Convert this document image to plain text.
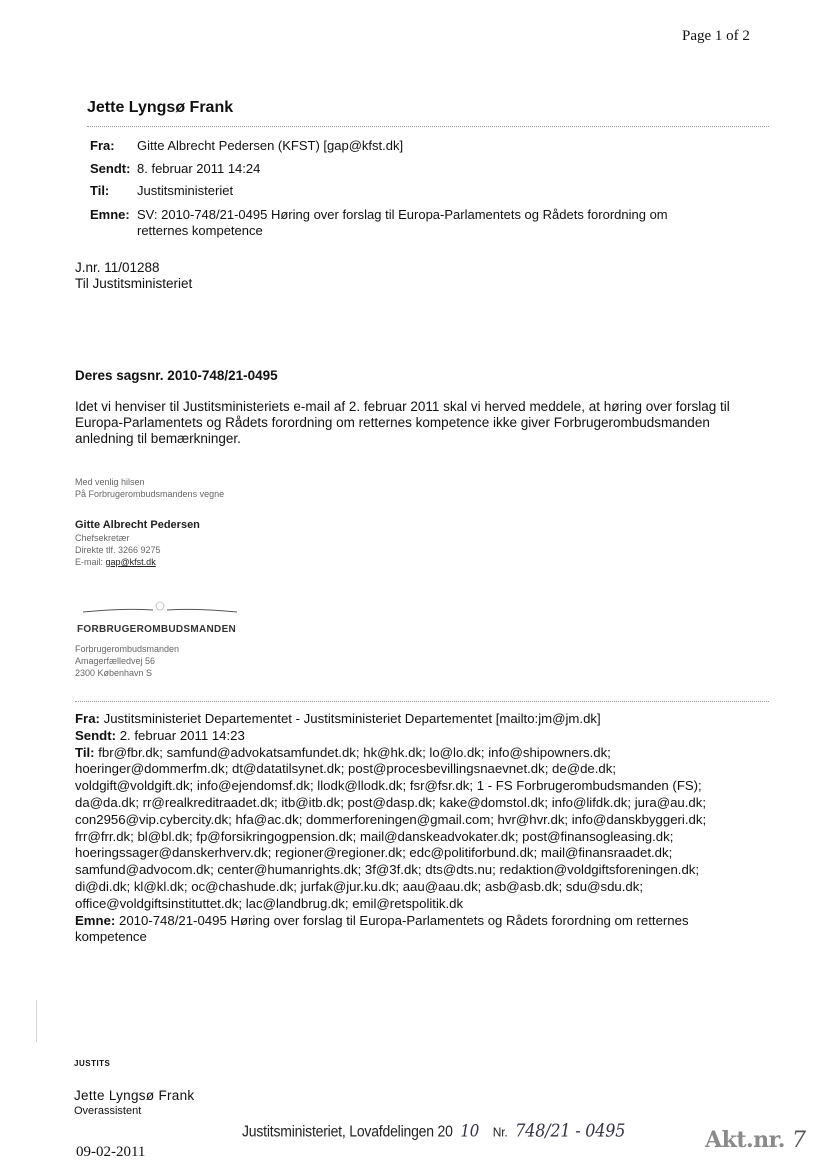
Page 1 of 2
Jette Lyngsø Frank
Fra:	Gitte Albrecht Pedersen (KFST) [gap@kfst.dk]
Sendt: 8. februar 2011 14:24
Til:	Justitsministeriet
Emne: SV: 2010-748/21-0495 Høring over forslag til Europa-Parlamentets og Rådets forordning om
retternes kompetence
J.nr. 11/01288
Til Justitsministeriet
Deres sagsnr. 2010-748/21-0495
Idet vi henviser til Justitsministeriets e-mail af 2. februar 2011 skal vi herved meddele, at høring over forslag til
Europa-Parlamentets og Rådets forordning om retternes kompetence ikke giver Forbrugerombudsmanden
anledning til bemærkninger.
Med venlig hilsen
På Forbrugerombudsmandens vegne
Gitte Albrecht Pedersen
Chefsekretær
Direkte tlf. 3266 9275
E-mail: gap@kfst.dk
FORBRUGEROMBUDSMANDEN
Forbrugerombudsmanden
Amagerfælledvej 56
2300 København S
Fra: Justitsministeriet Departementet - Justitsministeriet Departementet [mailto:jm@jm.dk]
Sendt: 2. februar 2011 14:23
Til: fbr@fbr.dk; samfund@advokatsamfundet.dk; hk@hk.dk; lo@lo.dk; info@shipowners.dk;
hoeringer@dommerfm.dk; dt@datatilsynet.dk; post@procesbevillingsnaevnet.dk; de@de.dk;
voldgift@voldgift.dk; info@ejendomsf.dk; llodk@llodk.dk; fsr@fsr.dk; 1 - FS Forbrugerombudsmanden (FS);
da@da.dk; rr@realkreditraadet.dk; itb@itb.dk; post@dasp.dk; kake@domstol.dk; info@lifdk.dk; jura@au.dk;
con2956@vip.cybercity.dk; hfa@ac.dk; dommerforeningen@gmail.com; hvr@hvr.dk; info@danskbyggeri.dk;
frr@frr.dk; bl@bl.dk; fp@forsikringogpension.dk; mail@danskeadvokater.dk; post@finansogleasing.dk;
hoeringssager@danskerhverv.dk; regioner@regioner.dk; edc@politiforbund.dk; mail@finansraadet.dk;
samfund@advocom.dk; center@humanrights.dk; 3f@3f.dk; dts@dts.nu; redaktion@voldgiftsforeningen.dk;
di@di.dk; kl@kl.dk; oc@chashude.dk; jurfak@jur.ku.dk; aau@aau.dk; asb@asb.dk; sdu@sdu.dk;
office@voldgiftsinstituttet.dk; lac@landbrug.dk; emil@retspolitik.dk
Emne: 2010-748/21-0495 Høring over forslag til Europa-Parlamentets og Rådets forordning om retternes
kompetence
JUSTITS
Jette Lyngsø Frank
Overassistent
09-02-2011
Justitsministeriet, Lovafdelingen 20 10 Nr. 748/21 - 0495	Akt.nr. 7
